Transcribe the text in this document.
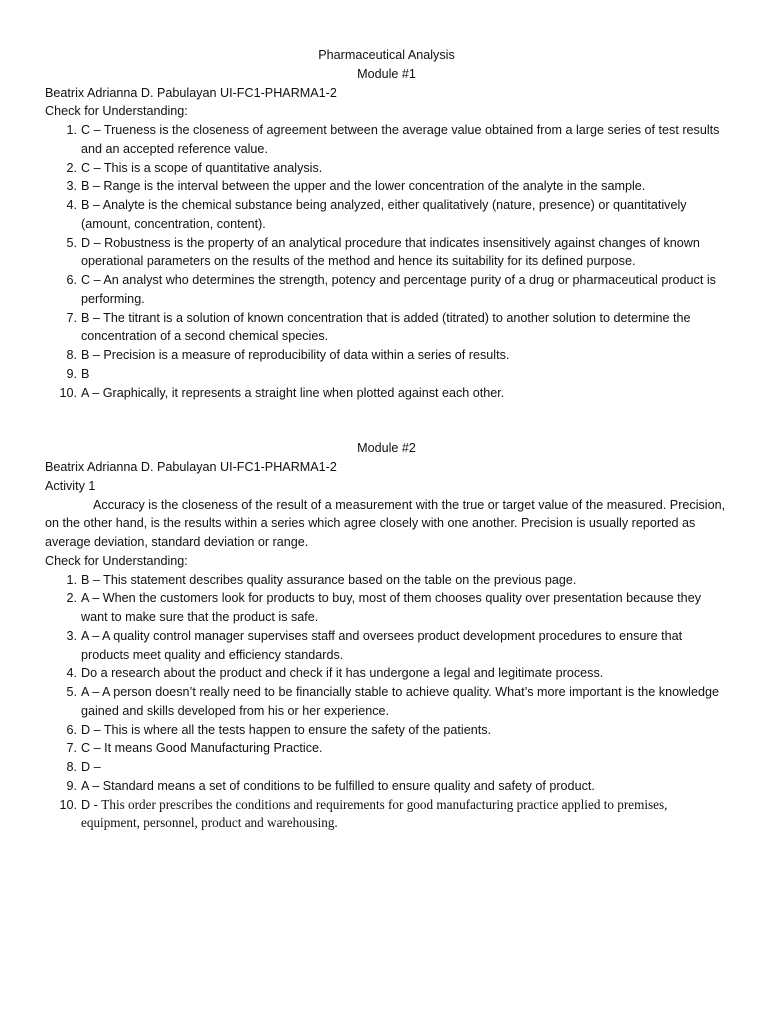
Pharmaceutical Analysis

Module #1

Beatrix Adrianna D. Pabulayan UI-FC1-PHARMA1-2

Check for Understanding:

1. C – Trueness is the closeness of agreement between the average value obtained from a large series of test results and an accepted reference value.
2. C – This is a scope of quantitative analysis.
3. B – Range is the interval between the upper and the lower concentration of the analyte in the sample.
4. B – Analyte is the chemical substance being analyzed, either qualitatively (nature, presence) or quantitatively (amount, concentration, content).
5. D – Robustness is the property of an analytical procedure that indicates insensitively against changes of known operational parameters on the results of the method and hence its suitability for its defined purpose.
6. C – An analyst who determines the strength, potency and percentage purity of a drug or pharmaceutical product is performing.
7. B – The titrant is a solution of known concentration that is added (titrated) to another solution to determine the concentration of a second chemical species.
8. B – Precision is a measure of reproducibility of data within a series of results.
9. B
10. A – Graphically, it represents a straight line when plotted against each other.

Module #2

Beatrix Adrianna D. Pabulayan UI-FC1-PHARMA1-2

Activity 1

Accuracy is the closeness of the result of a measurement with the true or target value of the measured. Precision, on the other hand, is the results within a series which agree closely with one another. Precision is usually reported as average deviation, standard deviation or range.

Check for Understanding:

1. B – This statement describes quality assurance based on the table on the previous page.
2. A – When the customers look for products to buy, most of them chooses quality over presentation because they want to make sure that the product is safe.
3. A – A quality control manager supervises staff and oversees product development procedures to ensure that products meet quality and efficiency standards.
4. Do a research about the product and check if it has undergone a legal and legitimate process.
5. A – A person doesn’t really need to be financially stable to achieve quality. What’s more important is the knowledge gained and skills developed from his or her experience.
6. D – This is where all the tests happen to ensure the safety of the patients.
7. C – It means Good Manufacturing Practice.
8. D –
9. A – Standard means a set of conditions to be fulfilled to ensure quality and safety of product.
10. D - This order prescribes the conditions and requirements for good manufacturing practice applied to premises, equipment, personnel, product and warehousing.
